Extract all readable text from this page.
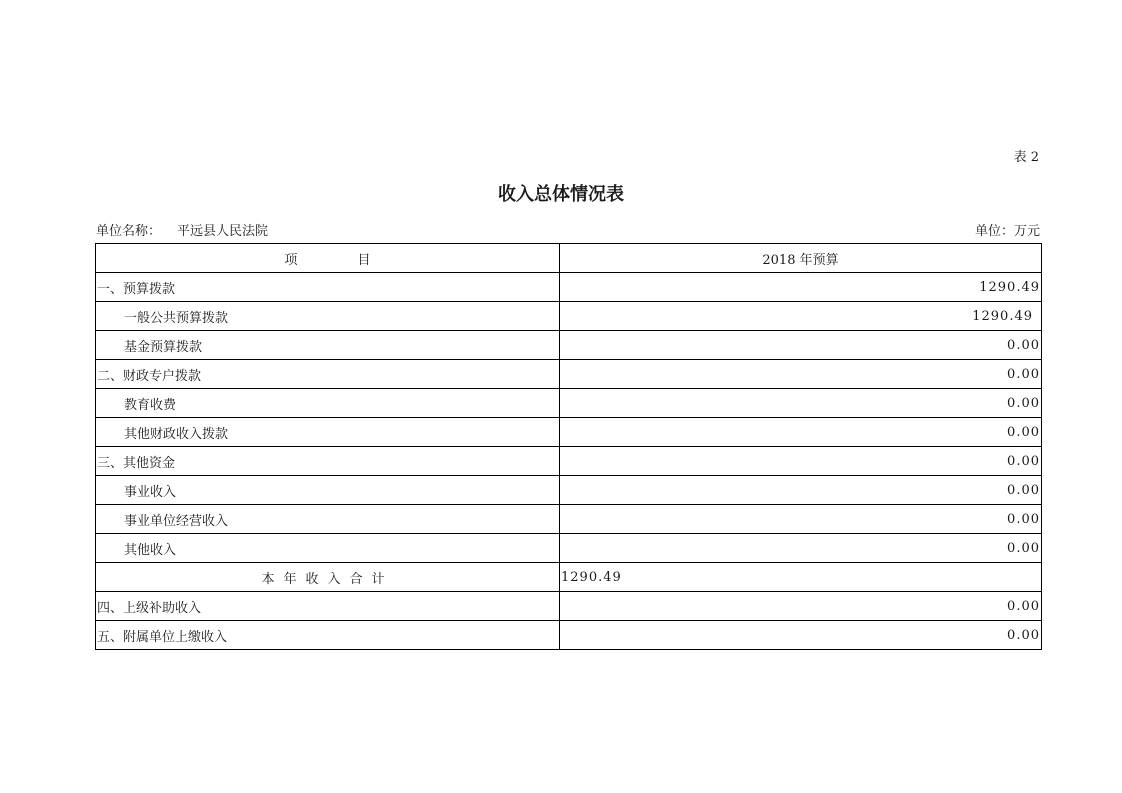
表 2
收入总体情况表
单位名称： 平远县人民法院	单位：万元
项 目	2018 年预算
一、预算拨款	1290.49
一般公共预算拨款	1290.49
基金预算拨款	0.00
二、财政专户拨款	0.00
教育收费	0.00
其他财政收入拨款	0.00
三、其他资金	0.00
事业收入	0.00
事业单位经营收入	0.00
其他收入	0.00
本年收入合计	1290.49
四、上级补助收入	0.00
五、附属单位上缴收入	0.00
